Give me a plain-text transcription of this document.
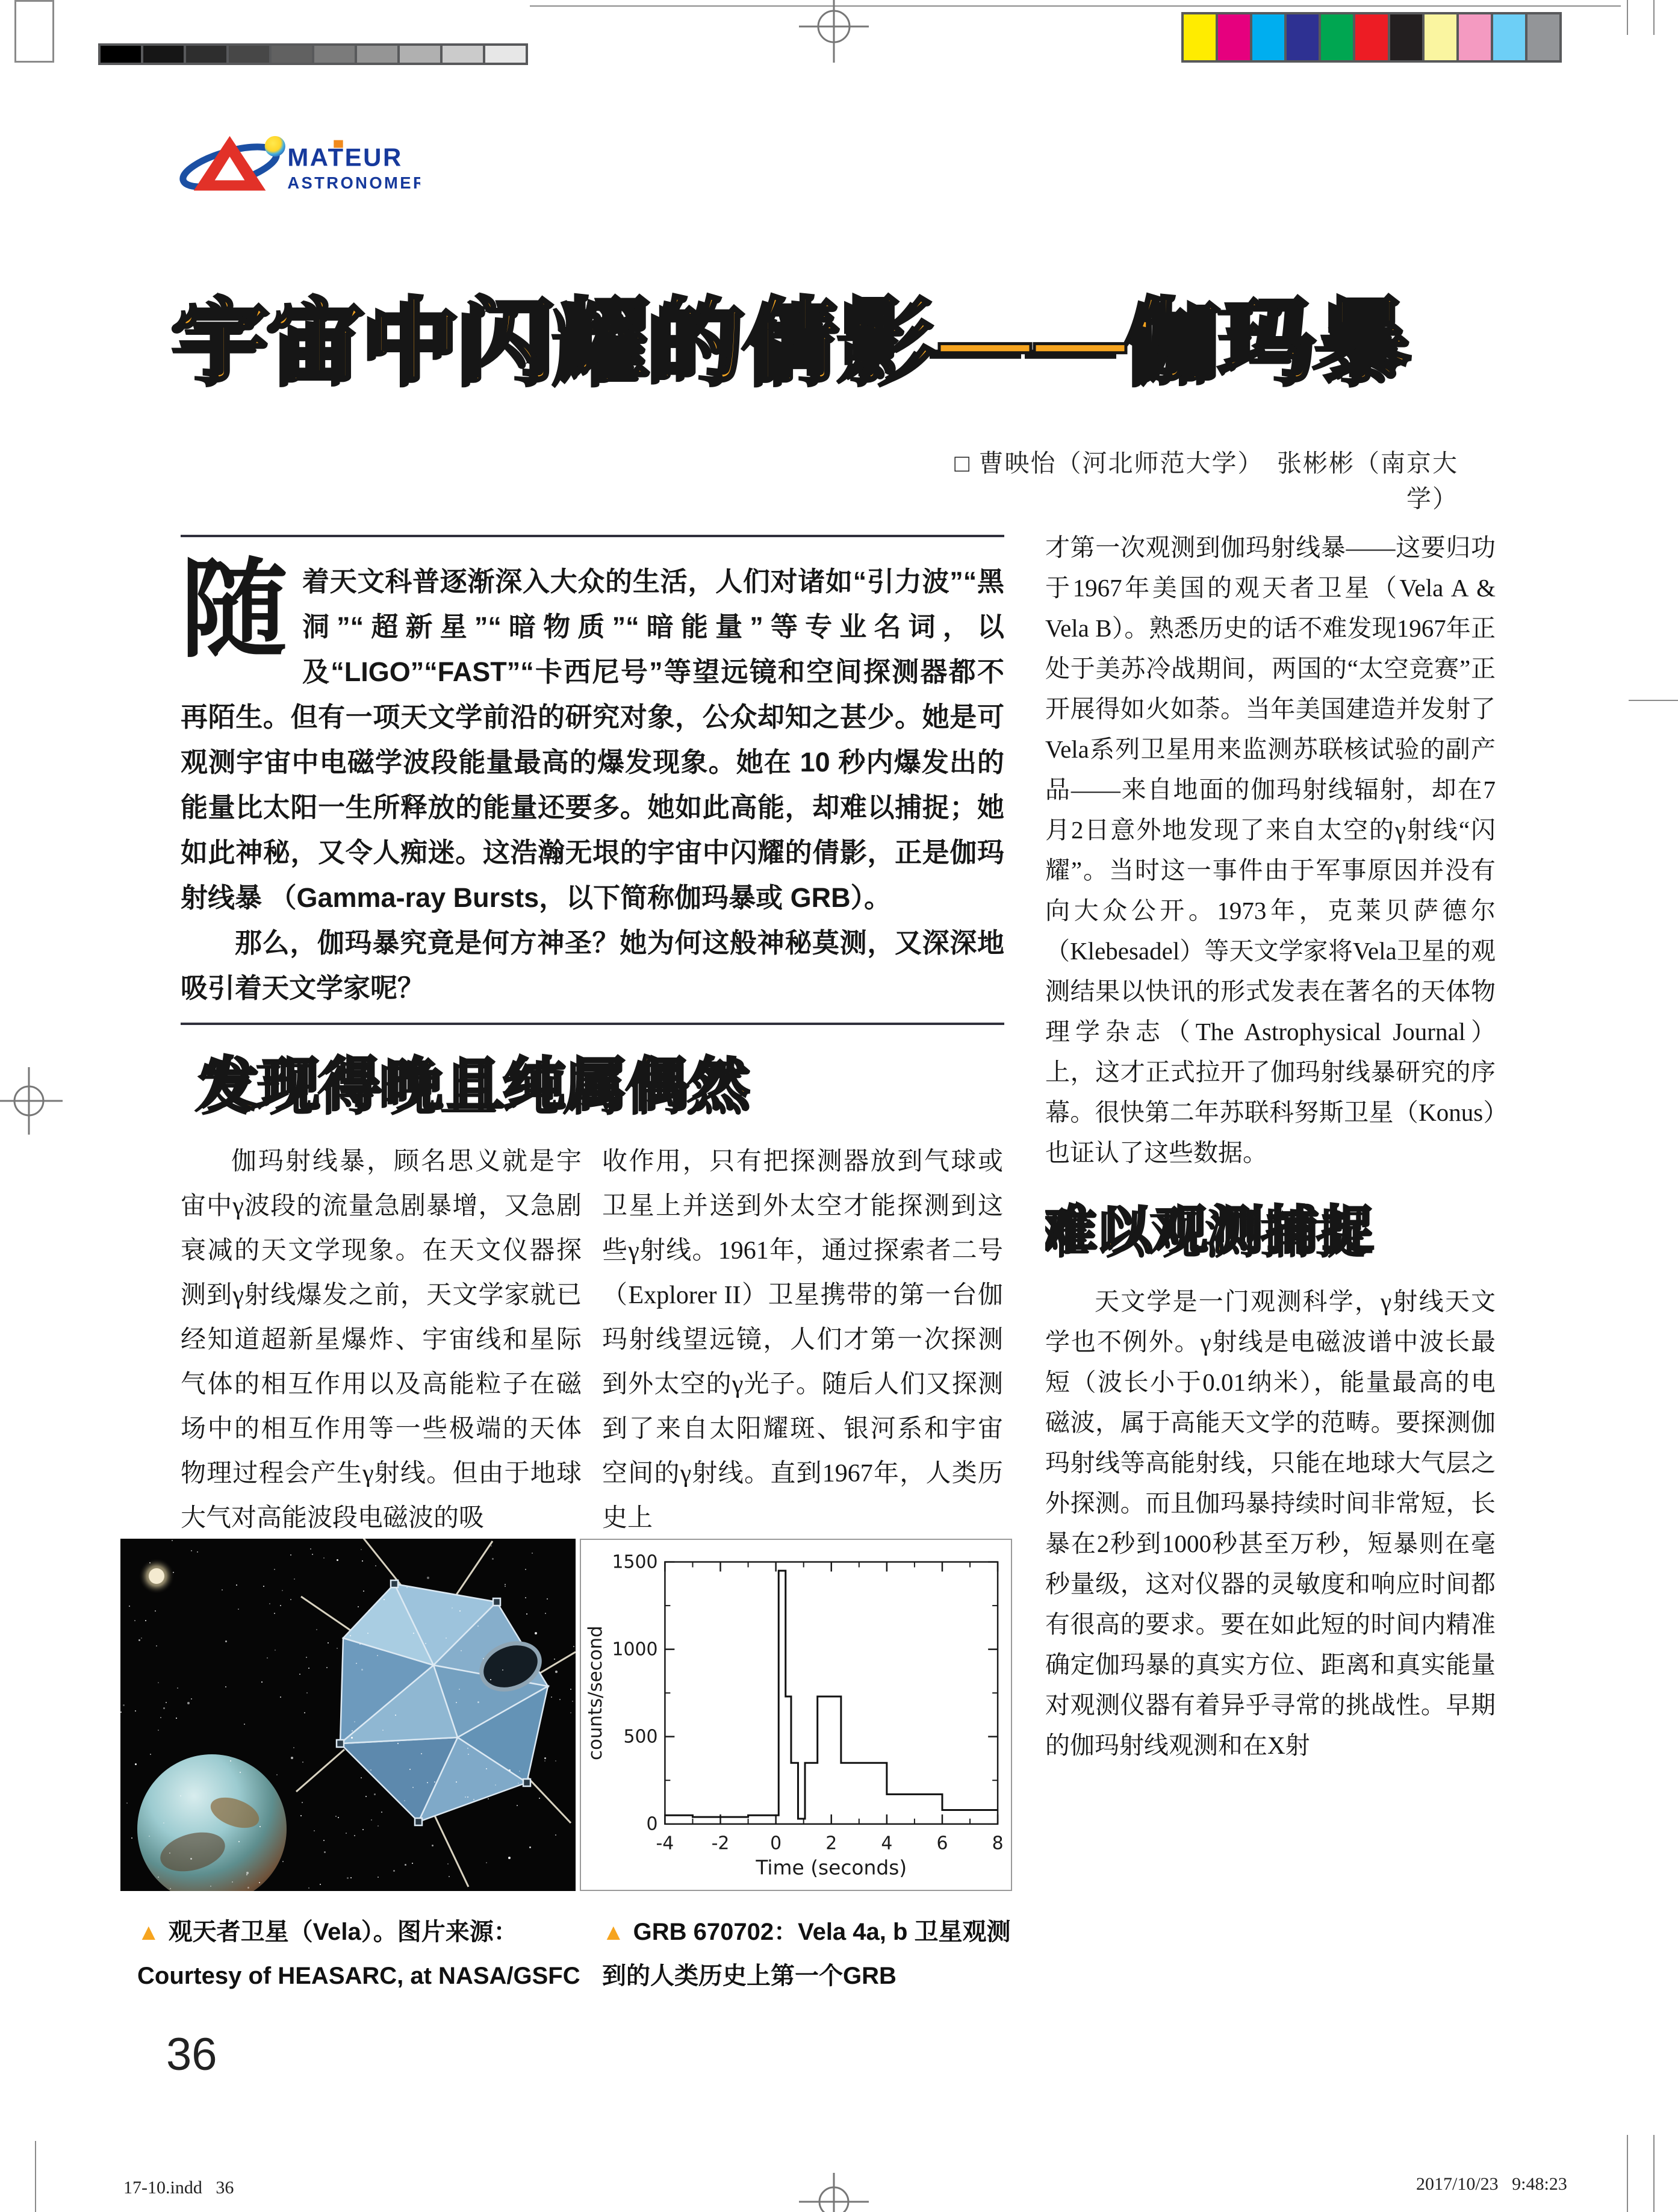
MATEUR
ASTRONOMER
宇宙中闪耀的倩影——伽玛暴
□ 曹映怡（河北师范大学）　张彬彬（南京大学）

随着天文科普逐渐深入大众的生活，人们对诸如“引力波”“黑洞”“超新星”“暗物质”“暗能量”等专业名词，以及“LIGO”“FAST”“卡西尼号”等望远镜和空间探测器都不再陌生。但有一项天文学前沿的研究对象，公众却知之甚少。她是可观测宇宙中电磁学波段能量最高的爆发现象。她在 10 秒内爆发出的能量比太阳一生所释放的能量还要多。她如此高能，却难以捕捉；她如此神秘，又令人痴迷。这浩瀚无垠的宇宙中闪耀的倩影，正是伽玛射线暴 （Gamma-ray Bursts，以下简称伽玛暴或 GRB）。

那么，伽玛暴究竟是何方神圣？她为何这般神秘莫测，又深深地吸引着天文学家呢？

发现得晚且纯属偶然

伽玛射线暴，顾名思义就是宇宙中γ波段的流量急剧暴增，又急剧衰减的天文学现象。在天文仪器探测到γ射线爆发之前，天文学家就已经知道超新星爆炸、宇宙线和星际气体的相互作用以及高能粒子在磁场中的相互作用等一些极端的天体物理过程会产生γ射线。但由于地球大气对高能波段电磁波的吸

收作用，只有把探测器放到气球或卫星上并送到外太空才能探测到这些γ射线。1961年，通过探索者二号（Explorer II）卫星携带的第一台伽玛射线望远镜，人们才第一次探测到外太空的γ光子。随后人们又探测到了来自太阳耀斑、银河系和宇宙空间的γ射线。直到1967年，人类历史上

才第一次观测到伽玛射线暴——这要归功于1967年美国的观天者卫星（Vela A & Vela B）。熟悉历史的话不难发现1967年正处于美苏冷战期间，两国的“太空竞赛”正开展得如火如荼。当年美国建造并发射了Vela系列卫星用来监测苏联核试验的副产品——来自地面的伽玛射线辐射，却在7月2日意外地发现了来自太空的γ射线“闪耀”。当时这一事件由于军事原因并没有向大众公开。1973年，克莱贝萨德尔（Klebesadel）等天文学家将Vela卫星的观测结果以快讯的形式发表在著名的天体物理学杂志（The Astrophysical Journal）上，这才正式拉开了伽玛射线暴研究的序幕。很快第二年苏联科努斯卫星（Konus）也证认了这些数据。

难以观测捕捉

天文学是一门观测科学，γ射线天文学也不例外。γ射线是电磁波谱中波长最短（波长小于0.01纳米），能量最高的电磁波，属于高能天文学的范畴。要探测伽玛射线等高能射线，只能在地球大气层之外探测。而且伽玛暴持续时间非常短，长暴在2秒到1000秒甚至万秒，短暴则在毫秒量级，这对仪器的灵敏度和响应时间都有很高的要求。要在如此短的时间内精准确定伽玛暴的真实方位、距离和真实能量对观测仪器有着异乎寻常的挑战性。早期的伽玛射线观测和在X射

-4 -2 0 2 4 6 8
0
500
1000
1500
Time (seconds)
counts/second
▲ 观天者卫星（Vela）。图片来源：Courtesy of HEASARC, at NASA/GSFC
▲ GRB 670702：Vela 4a, b 卫星观测到的人类历史上第一个GRB
36
17-10.indd   36	2017/10/23   9:48:23
